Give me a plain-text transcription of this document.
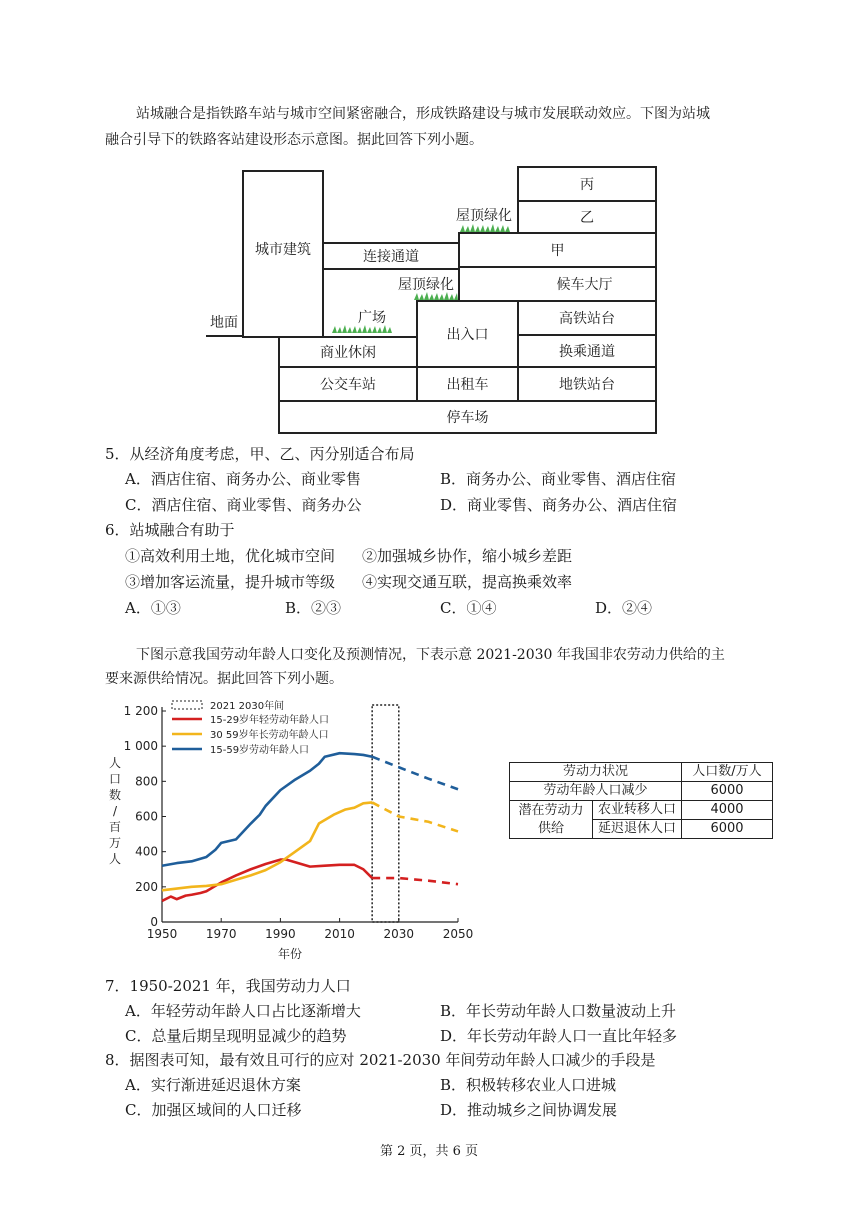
站城融合是指铁路车站与城市空间紧密融合，形成铁路建设与城市发展联动效应。下图为站城
融合引导下的铁路客站建设形态示意图。据此回答下列小题。
地面
城市建筑	连接通道
丙
乙
甲
候车大厅
高铁站台
换乘通道
地铁站台
出入口
出租车
商业休闲
公交车站
停车场
广场
屋顶绿化
屋顶绿化
5．从经济角度考虑，甲、乙、丙分别适合布局
A．酒店住宿、商务办公、商业零售	B．商务办公、商业零售、酒店住宿
C．酒店住宿、商业零售、商务办公	D．商业零售、商务办公、酒店住宿
6．站城融合有助于
①高效利用土地，优化城市空间 ②加强城乡协作，缩小城乡差距
③增加客运流量，提升城市等级 ④实现交通互联，提高换乘效率
A．①③	B．②③	C．①④	D．②④
下图示意我国劳动年龄人口变化及预测情况，下表示意 2021-2030 年我国非农劳动力供给的主
要来源供给情况。据此回答下列小题。
0
200
400
600
800
1 000
1 200
1950 1970 1990 2010 2030 2050
年份
人
口
数
/
百
万
人
2021 2030年间
15-29岁年轻劳动年龄人口
30 59岁年长劳动年龄人口
15-59岁劳动年龄人口
劳动力状况		人口数/万人
劳动年龄人口减少		6000
潜在劳动力供给	农业转移人口	4000
	延迟退休人口	6000
7．1950-2021 年，我国劳动力人口
A．年轻劳动年龄人口占比逐渐增大	B．年长劳动年龄人口数量波动上升
C．总量后期呈现明显减少的趋势	D．年长劳动年龄人口一直比年轻多
8．据图表可知，最有效且可行的应对 2021-2030 年间劳动年龄人口减少的手段是
A．实行渐进延迟退休方案	B．积极转移农业人口进城
C．加强区域间的人口迁移	D．推动城乡之间协调发展
第 2 页，共 6 页
